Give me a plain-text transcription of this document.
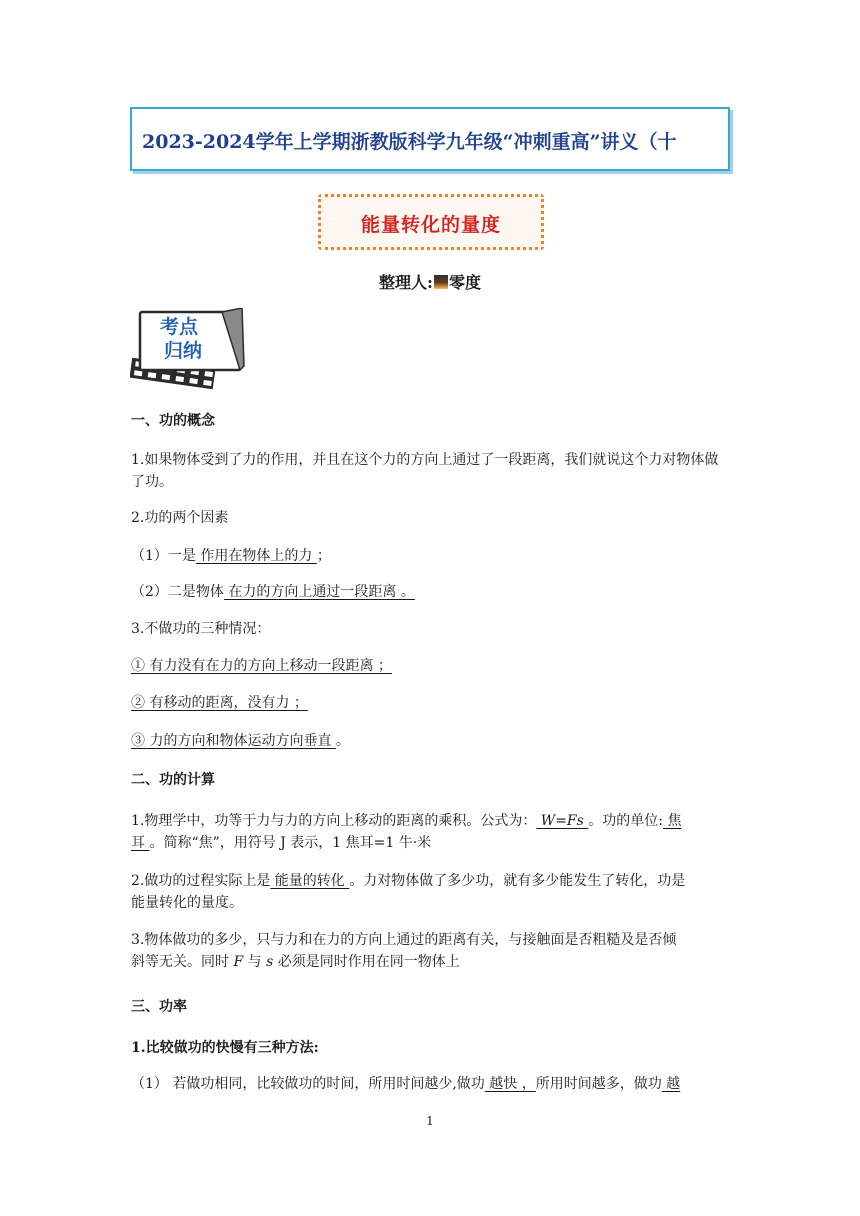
2023-2024学年上学期浙教版科学九年级“冲刺重高”讲义（十
能量转化的量度
整理人: 零度
考点
归纳
一、功的概念
1.如果物体受到了力的作用，并且在这个力的方向上通过了一段距离，我们就说这个力对物体做了功。
2.功的两个因素
（1）一是 作用在物体上的力 ；
（2）二是物体 在力的方向上通过一段距离 。
3.不做功的三种情况：
① 有力没有在力的方向上移动一段距离 ；
② 有移动的距离，没有力 ；
③ 力的方向和物体运动方向垂直 。
二、功的计算
1.物理学中，功等于力与力的方向上移动的距离的乘积。公式为： W=Fs 。功的单位: 焦
耳 。简称“焦”，用符号 J 表示，1 焦耳=1 牛·米
2.做功的过程实际上是 能量的转化 。力对物体做了多少功，就有多少能发生了转化，功是
能量转化的量度。
3.物体做功的多少，只与力和在力的方向上通过的距离有关，与接触面是否粗糙及是否倾
斜等无关。同时 F 与 s 必须是同时作用在同一物体上
三、功率
1.比较做功的快慢有三种方法:
（1） 若做功相同，比较做功的时间，所用时间越少,做功 越快 ，所用时间越多，做功 越
1
